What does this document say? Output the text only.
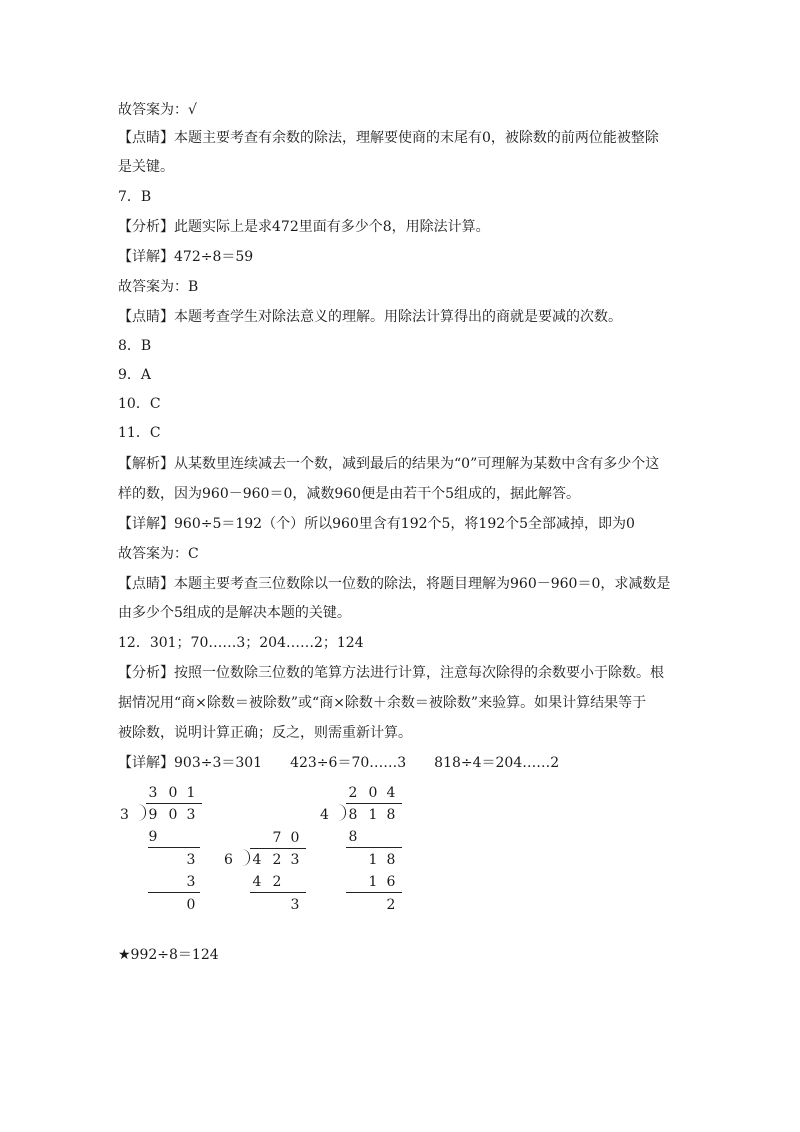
故答案为：√
【点睛】本题主要考查有余数的除法，理解要使商的末尾有0，被除数的前两位能被整除
是关键。
7．B
【分析】此题实际上是求472里面有多少个8，用除法计算。
【详解】472÷8＝59
故答案为：B
【点睛】本题考查学生对除法意义的理解。用除法计算得出的商就是要减的次数。
8．B
9．A
10．C
11．C
【解析】从某数里连续减去一个数，减到最后的结果为“0”可理解为某数中含有多少个这
样的数，因为960－960＝0，减数960便是由若干个5组成的，据此解答。
【详解】960÷5＝192（个）所以960里含有192个5，将192个5全部减掉，即为0
故答案为：C
【点睛】本题主要考查三位数除以一位数的除法，将题目理解为960－960＝0，求减数是
由多少个5组成的是解决本题的关键。
12．301；70……3；204……2；124
【分析】按照一位数除三位数的笔算方法进行计算，注意每次除得的余数要小于除数。根
据情况用“商×除数＝被除数”或“商×除数＋余数＝被除数”来验算。如果计算结果等于
被除数，说明计算正确；反之，则需重新计算。
【详解】903÷3＝301　　423÷6＝70……3　　818÷4＝204……2
3 0 1
3 9 0 3
9
3
3
0
7 0
6 4 2 3
4 2
3
2 0 4
4 8 1 8
8
1 8
1 6
2
★992÷8＝124
